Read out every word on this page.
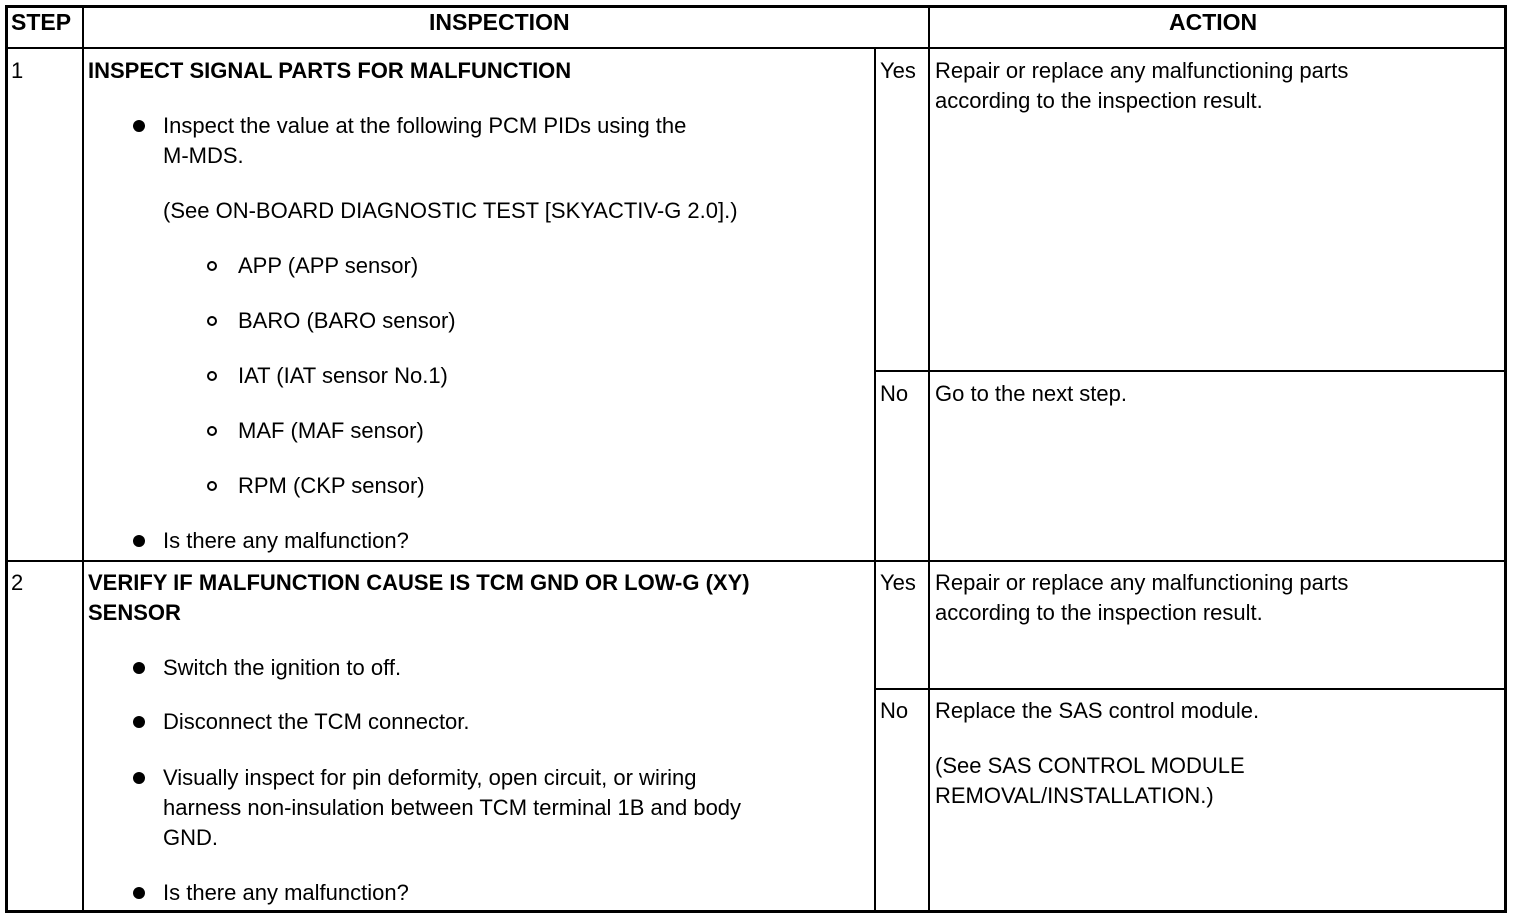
STEP	INSPECTION	ACTION
1	INSPECT SIGNAL PARTS FOR MALFUNCTION
Inspect the value at the following PCM PIDs using the
M-MDS.
(See ON-BOARD DIAGNOSTIC TEST [SKYACTIV-G 2.0].)
APP (APP sensor)
BARO (BARO sensor)
IAT (IAT sensor No.1)
MAF (MAF sensor)
RPM (CKP sensor)
Is there any malfunction?
Yes Repair or replace any malfunctioning parts
according to the inspection result.
No Go to the next step.
2	VERIFY IF MALFUNCTION CAUSE IS TCM GND OR LOW-G (XY)
SENSOR
Switch the ignition to off.
Disconnect the TCM connector.
Visually inspect for pin deformity, open circuit, or wiring
harness non-insulation between TCM terminal 1B and body
GND.
Is there any malfunction?
Yes Repair or replace any malfunctioning parts
according to the inspection result.
No Replace the SAS control module.
(See SAS CONTROL MODULE
REMOVAL/INSTALLATION.)
